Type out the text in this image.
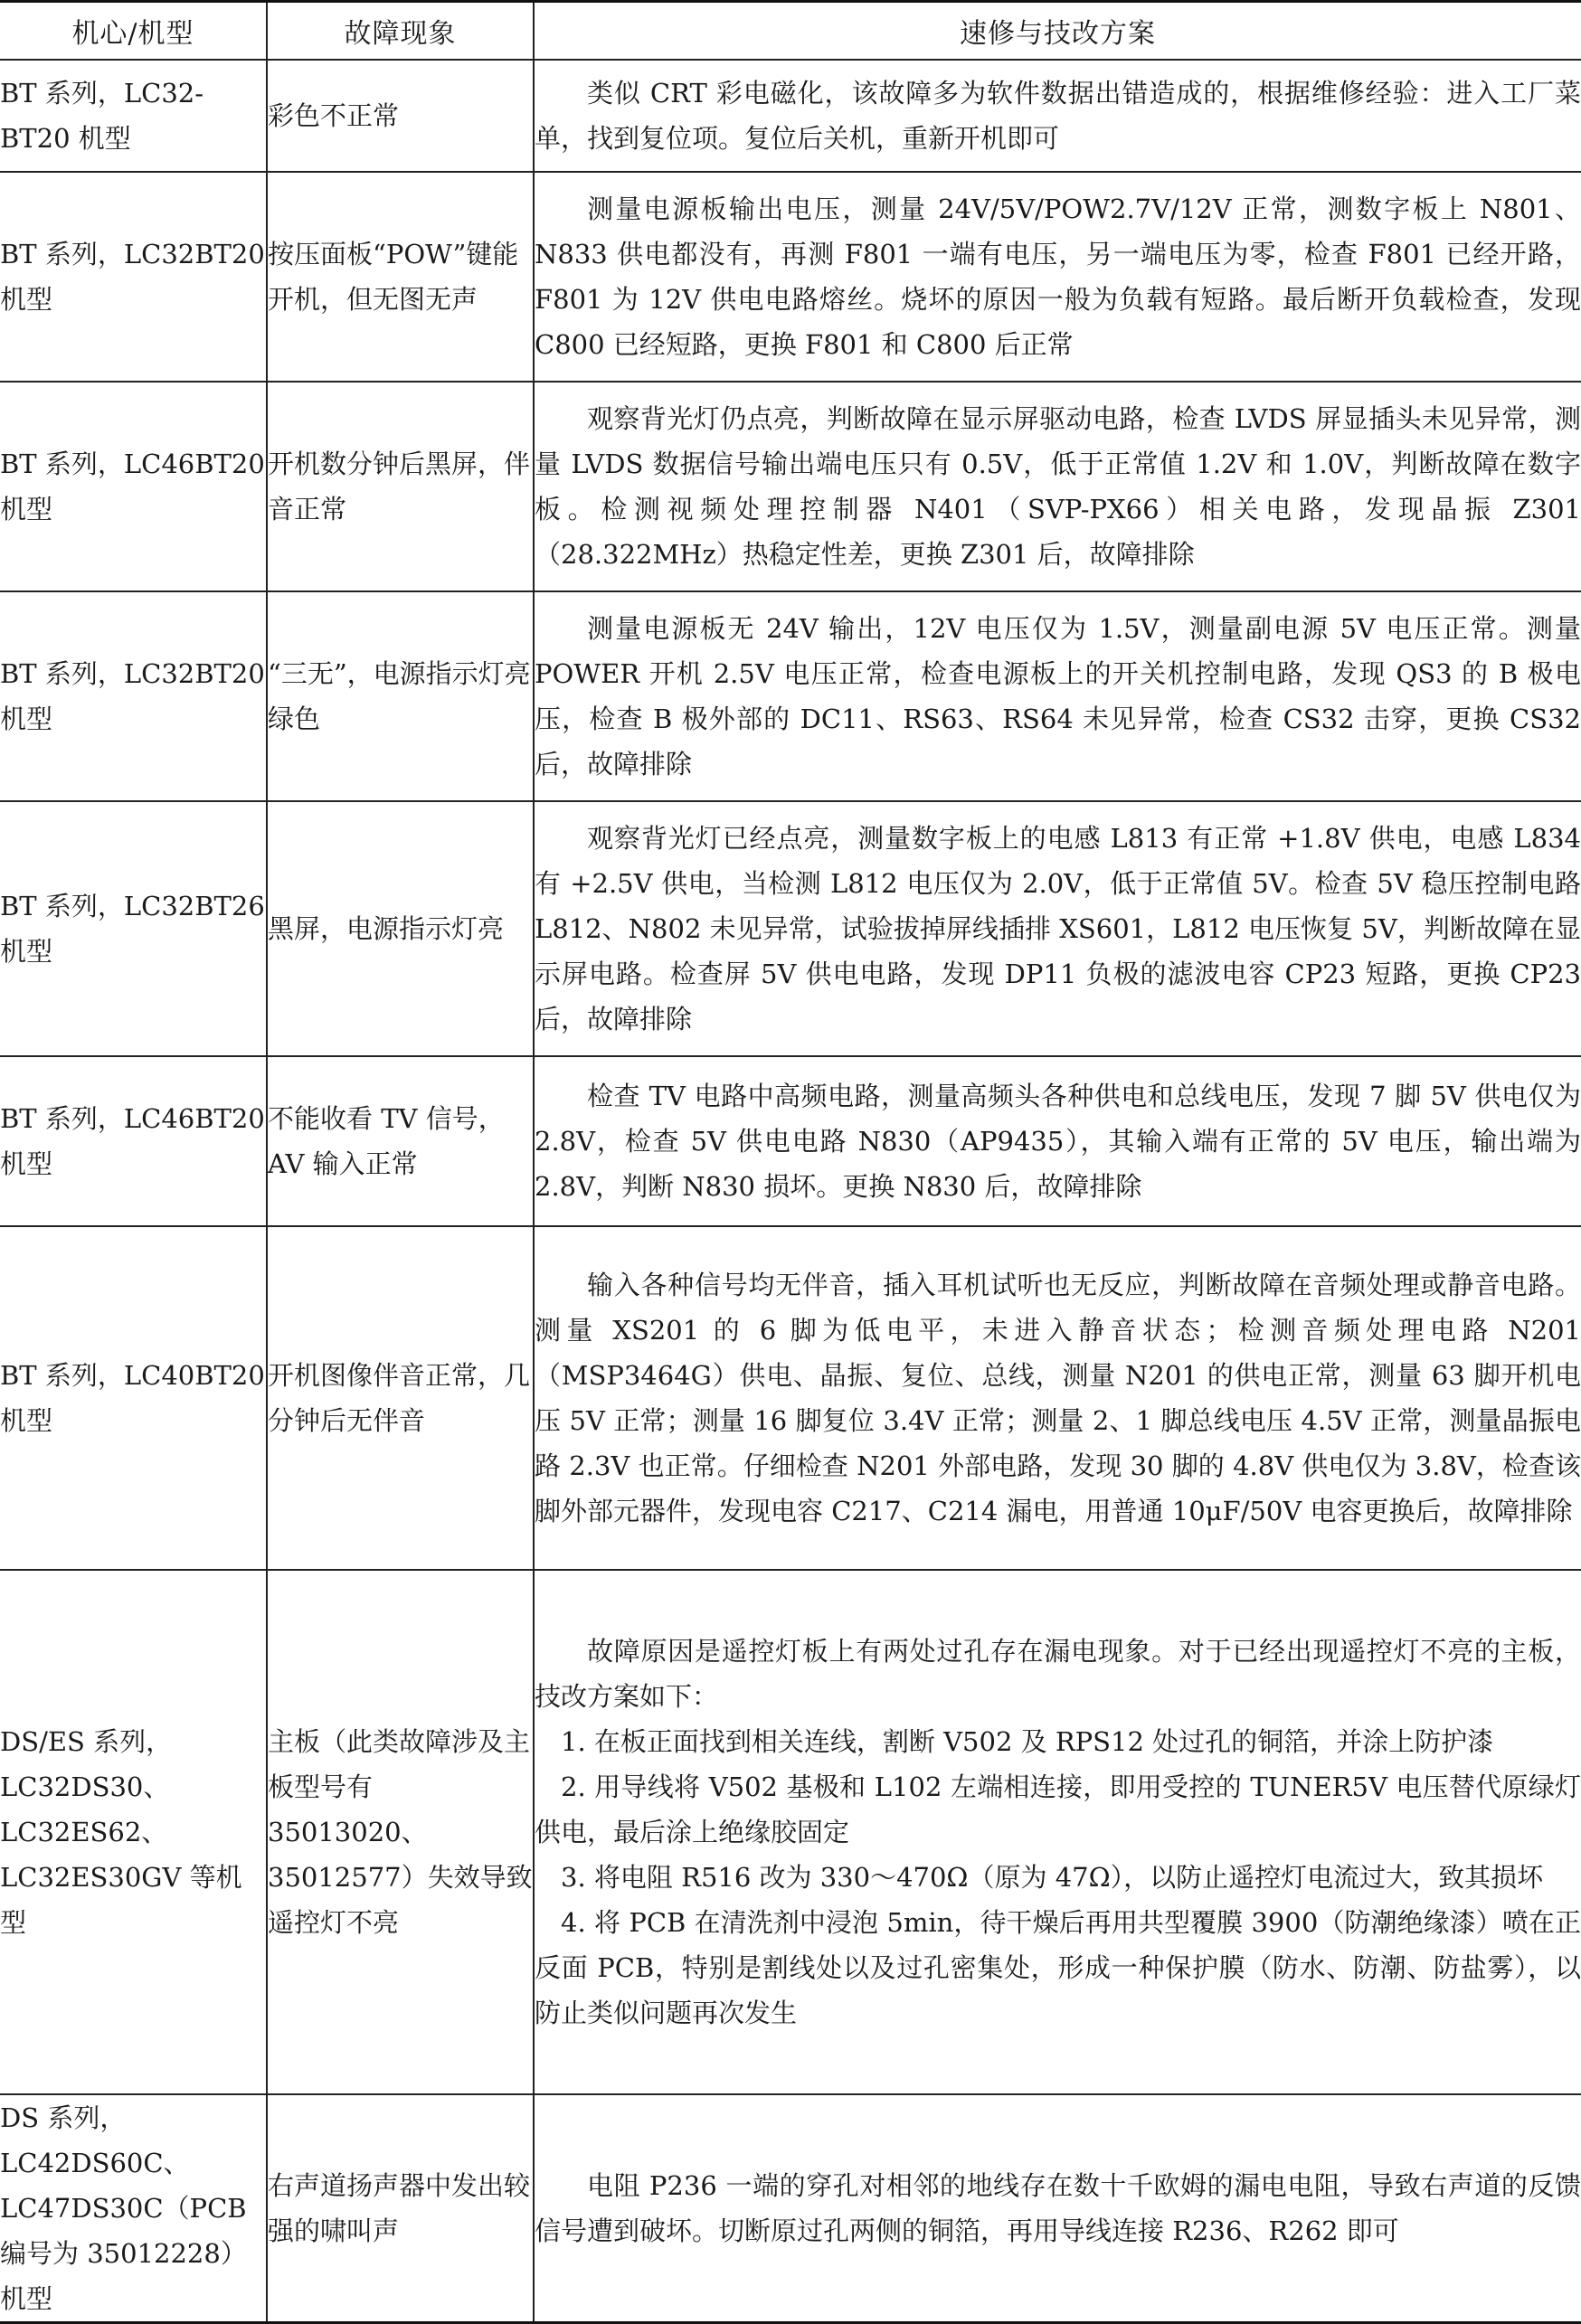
机心/机型	故障现象	速修与技改方案
BT 系列，LC32-BT20 机型	彩色不正常	类似 CRT 彩电磁化，该故障多为软件数据出错造成的，根据维修经验：进入工厂菜单，找到复位项。复位后关机，重新开机即可

BT 系列，LC32BT20 机型	按压面板“POW”键能开机，但无图无声	测量电源板输出电压，测量 24V/5V/POW2.7V/12V 正常，测数字板上 N801、N833 供电都没有，再测 F801 一端有电压，另一端电压为零，检查 F801 已经开路，F801 为 12V 供电电路熔丝。烧坏的原因一般为负载有短路。最后断开负载检查，发现 C800 已经短路，更换 F801 和 C800 后正常

BT 系列，LC46BT20 机型	开机数分钟后黑屏，伴音正常	观察背光灯仍点亮，判断故障在显示屏驱动电路，检查 LVDS 屏显插头未见异常，测量 LVDS 数据信号输出端电压只有 0.5V，低于正常值 1.2V 和 1.0V，判断故障在数字板。检测视频处理控制器 N401（SVP-PX66）相关电路，发现晶振 Z301（28.322MHz）热稳定性差，更换 Z301 后，故障排除

BT 系列，LC32BT20 机型	“三无”，电源指示灯亮绿色	测量电源板无 24V 输出，12V 电压仅为 1.5V，测量副电源 5V 电压正常。测量 POWER 开机 2.5V 电压正常，检查电源板上的开关机控制电路，发现 QS3 的 B 极电压，检查 B 极外部的 DC11、RS63、RS64 未见异常，检查 CS32 击穿，更换 CS32 后，故障排除

BT 系列，LC32BT26 机型	黑屏，电源指示灯亮	观察背光灯已经点亮，测量数字板上的电感 L813 有正常 +1.8V 供电，电感 L834 有 +2.5V 供电，当检测 L812 电压仅为 2.0V，低于正常值 5V。检查 5V 稳压控制电路 L812、N802 未见异常，试验拔掉屏线插排 XS601，L812 电压恢复 5V，判断故障在显示屏电路。检查屏 5V 供电电路，发现 DP11 负极的滤波电容 CP23 短路，更换 CP23 后，故障排除

BT 系列，LC46BT20 机型	不能收看 TV 信号，AV 输入正常	检查 TV 电路中高频电路，测量高频头各种供电和总线电压，发现 7 脚 5V 供电仅为 2.8V，检查 5V 供电电路 N830（AP9435），其输入端有正常的 5V 电压，输出端为 2.8V，判断 N830 损坏。更换 N830 后，故障排除

BT 系列，LC40BT20 机型	开机图像伴音正常，几分钟后无伴音	输入各种信号均无伴音，插入耳机试听也无反应，判断故障在音频处理或静音电路。测量 XS201 的 6 脚为低电平，未进入静音状态；检测音频处理电路 N201（MSP3464G）供电、晶振、复位、总线，测量 N201 的供电正常，测量 63 脚开机电压 5V 正常；测量 16 脚复位 3.4V 正常；测量 2、1 脚总线电压 4.5V 正常，测量晶振电路 2.3V 也正常。仔细检查 N201 外部电路，发现 30 脚的 4.8V 供电仅为 3.8V，检查该脚外部元器件，发现电容 C217、C214 漏电，用普通 10μF/50V 电容更换后，故障排除

DS/ES 系列，LC32DS30、LC32ES62、LC32ES30GV 等机型	主板（此类故障涉及主板型号有 35013020、35012577）失效导致遥控灯不亮	故障原因是遥控灯板上有两处过孔存在漏电现象。对于已经出现遥控灯不亮的主板，技改方案如下：
1. 在板正面找到相关连线，割断 V502 及 RPS12 处过孔的铜箔，并涂上防护漆
2. 用导线将 V502 基极和 L102 左端相连接，即用受控的 TUNER5V 电压替代原绿灯供电，最后涂上绝缘胶固定
3. 将电阻 R516 改为 330～470Ω（原为 47Ω），以防止遥控灯电流过大，致其损坏
4. 将 PCB 在清洗剂中浸泡 5min，待干燥后再用共型覆膜 3900（防潮绝缘漆）喷在正反面 PCB，特别是割线处以及过孔密集处，形成一种保护膜（防水、防潮、防盐雾），以防止类似问题再次发生

DS 系列，LC42DS60C、LC47DS30C（PCB 编号为 35012228）机型	右声道扬声器中发出较强的啸叫声	电阻 P236 一端的穿孔对相邻的地线存在数十千欧姆的漏电电阻，导致右声道的反馈信号遭到破坏。切断原过孔两侧的铜箔，再用导线连接 R236、R262 即可
